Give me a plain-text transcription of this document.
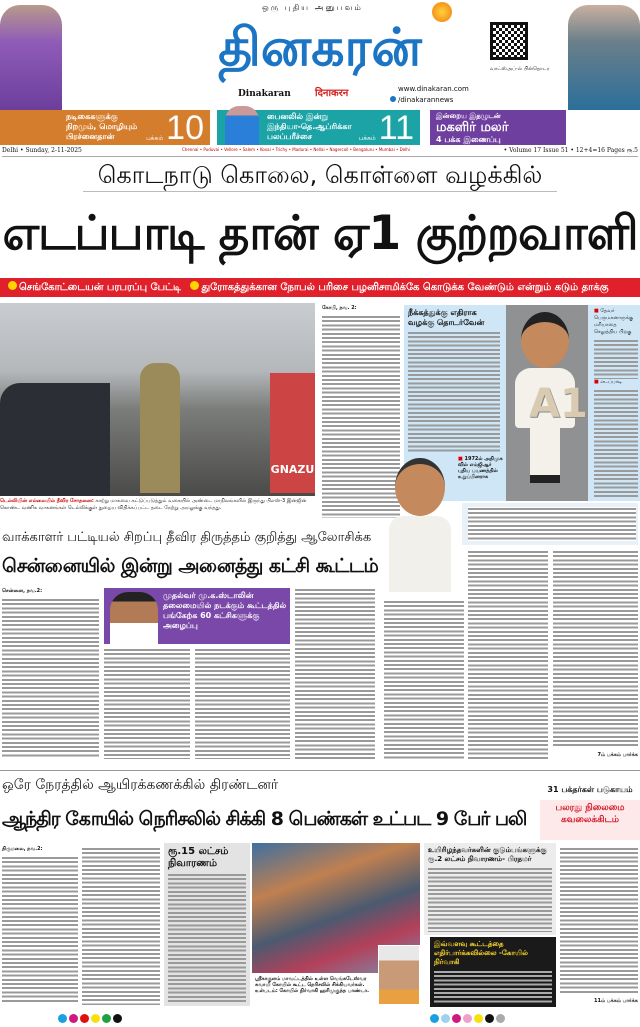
ஒரு புதிய அனுபவம்
தினகரன்
Dinakaran दिनाकरन	www.dinakaran.com
/dinakarannews
வாட்ஸ்அப்-ல் பின்தொடர
நடிகைகளுக்கு நிறமும், மொழியும் பிரச்னைதான்	பக்கம் 10	பைனலில் இன்று இந்தியா-தெ.ஆப்ரிக்கா பலப்பரீச்சை	பக்கம் 11	இன்றைய இதழுடன்
மகளிர் மலர்
4 பக்க இணைப்பு
Delhi • Sunday, 2-11-2025	Chennai • Puduvai • Vellore • Salem • Kovai • Trichy • Madurai • Nellai • Nagercoil • Bengaluru • Mumbai • Delhi	• Volume 17 Issue 51 • 12+4=16 Pages ரூ.5
கொடநாடு கொலை, கொள்ளை வழக்கில்
எடப்பாடி தான் ஏ1 குற்றவாளி
செங்கோட்டையன் பரபரப்பு பேட்டி துரோகத்துக்கான நோபல் பரிசை பழனிசாமிக்கே கொடுக்க வேண்டும் என்றும் கடும் தாக்கு
GNAZU
டெல்லியின் எல்லையில் தீவிர சோதனை: காற்று மாசுவை கட்டுப்படுத்தும் வகையில் அண்டை மாநிலங்களில் இருந்து பிஎஸ்-3 இன்ஜின் கொண்ட வணிக வாகனங்கள் டெல்லிக்குள் நுழைய விதிக்கப்பட்ட தடை நேற்று அமலுக்கு வந்தது.
கோபி, நவ. 2:	நீக்கத்துக்கு எதிராக வழக்கு தொடர்வேன்
A1
■ தேவர் பெருமகனாருக்கு மரியாதை செலுத்திய பிறகு
■ எடப்பாடி
■ 1972ல் அதிமுக வில் எம்ஜிஆர் புதிய பயணத்தில் உறுப்பினராக
வாக்காளர் பட்டியல் சிறப்பு தீவிர திருத்தம் குறித்து ஆலோசிக்க
சென்னையில் இன்று அனைத்து கட்சி கூட்டம்
சென்னை, நவ.2:	முதல்வர் மு.க.ஸ்டாலின் தலைமையில் நடக்கும் கூட்டத்தில் பங்கேற்க 60 கட்சிகளுக்கு அழைப்பு
7ம் பக்கம் பார்க்க
ஒரே நேரத்தில் ஆயிரக்கணக்கில் திரண்டனர்
ஆந்திர கோயில் நெரிசலில் சிக்கி 8 பெண்கள் உட்பட 9 பேர் பலி
31 பக்தர்கள் படுகாயம்
பலரது நிலைமை கவலைக்கிடம்
திருமலை, நவ.2:	ரூ.15 லட்சம் நிவாரணம்
ஸ்ரீகாகுளம் மாவட்டத்தில் உள்ள வெங்கடேஸ்வர சுவாமி கோயில் கூட்ட நெரிசலில் சிக்கியவர்கள். உள்படம்: கோயில் நிர்வாகி ஹரிமுகுந்த பாண்டா.
உயிரிழந்தவர்களின் குடும்பங்களுக்கு ரூ.2 லட்சம் நிவாரணம்- பிரதமர்
இவ்வளவு கூட்டத்தை எதிர்பார்க்கவில்லை -கோயில் நிர்வாகி
11ம் பக்கம் பார்க்க
